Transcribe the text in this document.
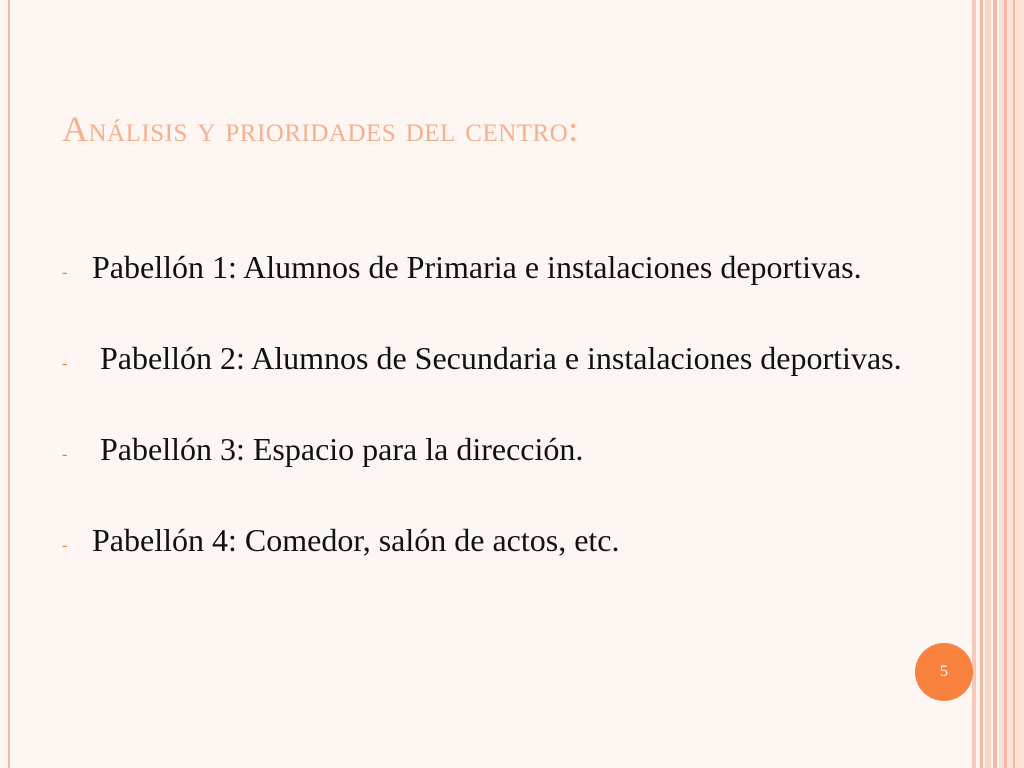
Análisis y prioridades del centro:
- Pabellón 1: Alumnos de Primaria e instalaciones deportivas.
- Pabellón 2: Alumnos de Secundaria e instalaciones deportivas.
- Pabellón 3: Espacio para la dirección.
- Pabellón 4: Comedor, salón de actos, etc.
5
